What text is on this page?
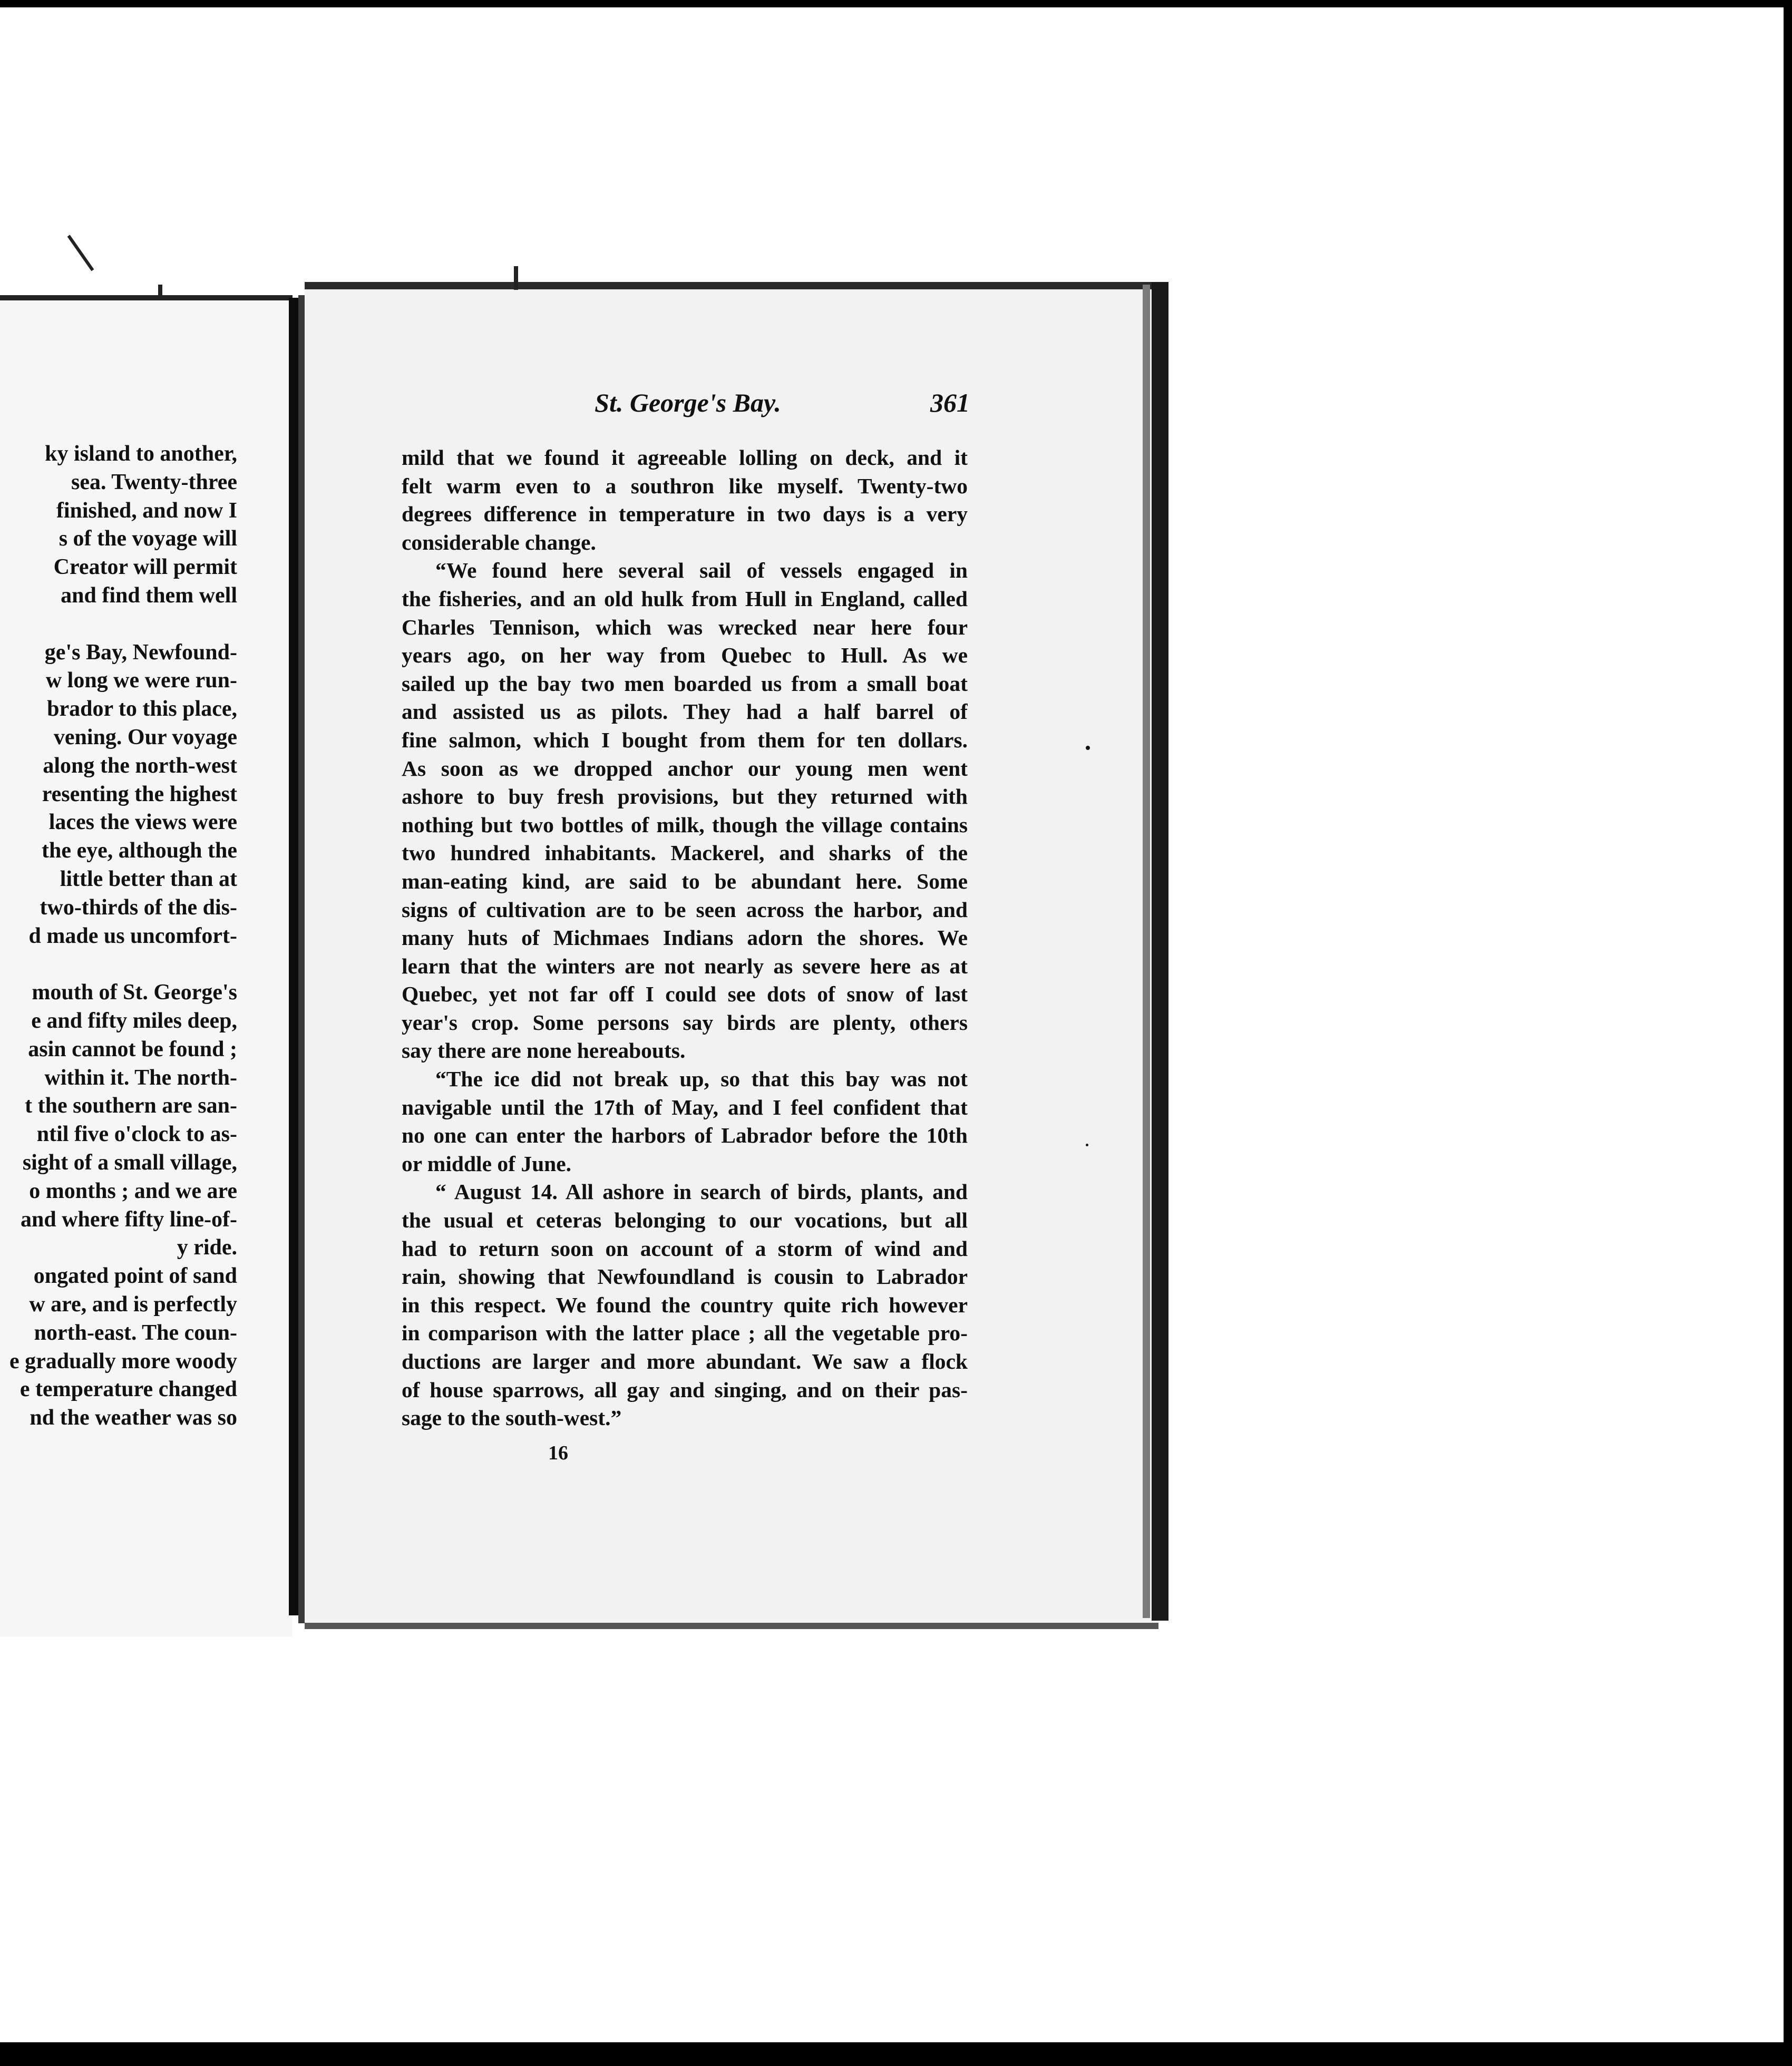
ky island to another,
sea. Twenty-three
finished, and now I
s of the voyage will
Creator will permit
and find them well
ge's Bay, Newfound-
w long we were run-
brador to this place,
vening. Our voyage
along the north-west
resenting the highest
laces the views were
the eye, although the
little better than at
two-thirds of the dis-
d made us uncomfort-
mouth of St. George's
e and fifty miles deep,
asin cannot be found ;
within it. The north-
t the southern are san-
ntil five o'clock to as-
sight of a small village,
o months ; and we are
and where fifty line-of-
y ride.
ongated point of sand
w are, and is perfectly
north-east. The coun-
e gradually more woody
e temperature changed
nd the weather was so
St. George's Bay.	361
mild that we found it agreeable lolling on deck, and it
felt warm even to a southron like myself. Twenty-two
degrees difference in temperature in two days is a very
considerable change.
“We found here several sail of vessels engaged in
the fisheries, and an old hulk from Hull in England, called
Charles Tennison, which was wrecked near here four
years ago, on her way from Quebec to Hull. As we
sailed up the bay two men boarded us from a small boat
and assisted us as pilots. They had a half barrel of
fine salmon, which I bought from them for ten dollars.
As soon as we dropped anchor our young men went
ashore to buy fresh provisions, but they returned with
nothing but two bottles of milk, though the village contains
two hundred inhabitants. Mackerel, and sharks of the
man-eating kind, are said to be abundant here. Some
signs of cultivation are to be seen across the harbor, and
many huts of Michmaes Indians adorn the shores. We
learn that the winters are not nearly as severe here as at
Quebec, yet not far off I could see dots of snow of last
year's crop. Some persons say birds are plenty, others
say there are none hereabouts.
“The ice did not break up, so that this bay was not
navigable until the 17th of May, and I feel confident that
no one can enter the harbors of Labrador before the 10th
or middle of June.
“ August 14. All ashore in search of birds, plants, and
the usual et ceteras belonging to our vocations, but all
had to return soon on account of a storm of wind and
rain, showing that Newfoundland is cousin to Labrador
in this respect. We found the country quite rich however
in comparison with the latter place ; all the vegetable pro-
ductions are larger and more abundant. We saw a flock
of house sparrows, all gay and singing, and on their pas-
sage to the south-west.”
16
